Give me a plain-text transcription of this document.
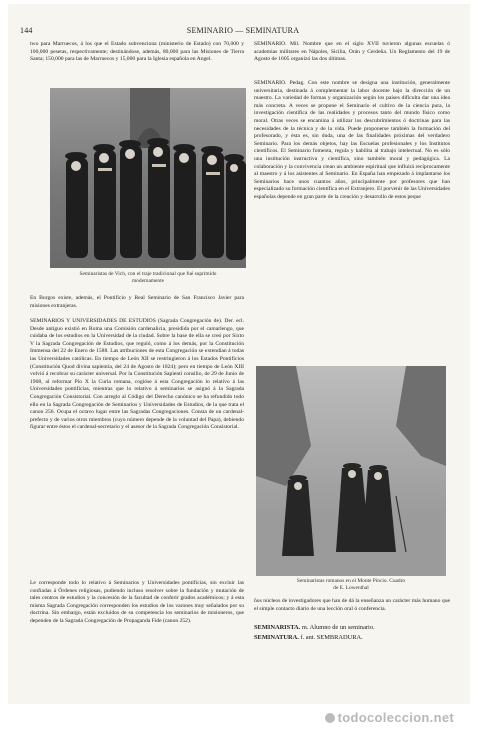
144	SEMINARIO — SEMINATURA

two para Marruecos, á los que el Estado subvenciona (ministerio de Estado) con 70,000 y 100,000 pesetas, respectivamente; destinándose, además, 80,000 para las Misiones de Tierra Santa; 150,000 para las de Marruecos y 15,000 para la Iglesia española en Angel.

Seminaristas de Vich, con el traje tradicional que fué suprimido
modernamente

En Burgos existe, además, el Pontificio y Real Seminario de San Francisco Javier para misiones extranjeras.

SEMINARIOS Y UNIVERSIDADES DE ESTUDIOS (Sagrada Congregación de). Der. ecl. Desde antiguo existió en Roma una Comisión cardenalicia, presidida por el camarlengo, que cuidaba de los estudios en la Universidad de la ciudad. Sobre la base de ella se creó por Sixto V la Sagrada Congregación de Estudios, que reguló, como á los demás, por la Constitución Immensa del 22 de Enero de 1588. Las atribuciones de esta Congregación se extendían á todas las Universidades católicas. En tiempo de León XII se restringieron á los Estados Pontificios (Constitución Quod divina sapientia, del 24 de Agosto de 1824); pero en tiempo de León XIII volvió á recobrar su carácter universal. Por la Constitución Sapienti consilio, de 29 de Junio de 1908, al reformar Pío X la Curia romana, cogióse á esta Congregación lo relativo á las Universidades pontificias, mientras que lo relativo á seminarios se asignó á la Sagrada Congregación Consistorial. Con arreglo al Código del Derecho canónico se ha refundido todo ello en la Sagrada Congregación de Seminarios y Universidades de Estudios, de la que trata el canon 256. Ocupa el octavo lugar entre las Sagradas Congregaciones. Consta de un cardenal-prefecto y de varios otros miembros (cuyo número depende de la voluntad del Papa), debiendo figurar entre éstos el cardenal-secretario y el asesor de la Sagrada Congregación Consistorial.

Le corresponde todo lo relativo á Seminarios y Universidades pontificias, sin excluir las confiadas á Órdenes religiosas, pudiendo incluso resolver sobre la fundación y mutación de tales centros de estudios y la concesión de la facultad de conferir grados académicos; y á esta misma Sagrada Congregación corresponden los estudios de los varones muy señalados por su doctrina. Sin embargo, están excluidos de su competencia los seminarios de misioneros, que dependen de la Sagrada Congregación de Propaganda Fide (canon 252).

SEMINARIO. Mil. Nombre que en el siglo XVII tuvieron algunas escuelas ó academias militares en Nápoles, Sicilia, Orán y Cerdeña. Un Reglamento del 19 de Agosto de 1605 organizó las dos últimas.

SEMINARIO. Pedag. Con este nombre se designa una institución, generalmente universitaria, destinada á complementar la labor docente bajo la dirección de un maestro. La variedad de formas y organización según los países dificulta dar una idea más concreta. A veces se propone el Seminario el cultivo de la ciencia pura, la investigación científica de las realidades y procesos tanto del mundo físico como moral. Otras veces se encamina á utilizar los descubrimientos ó doctrinas para las necesidades de la técnica y de la vida. Puede proponerse también la formación del profesorado, y ésta es, sin duda, una de las finalidades próximas del verdadero Seminario. Para los demás objetos, hay las Escuelas profesionales y los Institutos científicos. El Seminario fomenta, regula y habilita al trabajo intelectual. No es sólo una institución instructiva y científica, sino también moral y pedagógica. La colaboración y la convivencia crean un ambiente espiritual que influirá recíprocamente al maestro y á los asistentes al Seminario. En España han empezado á implantarse los Seminarios hace unos cuantos años, principalmente por profesores que han especializado su formación científica en el Extranjero. El porvenir de las Universidades españolas depende en gran parte de la creación y desarrollo de estos peque

Seminaristas romanos en el Monte Pincio. Cuadro
de E. Lowenthal

ños núcleos de investigadores que han de dá la enseñanza un carácter más humano que el simple contacto diario de una lección oral ó conferencia.

SEMINARISTA. m. Alumno de un seminario.
SEMINATURA. f. ant. SEMBRADURA.
todocoleccion.net
